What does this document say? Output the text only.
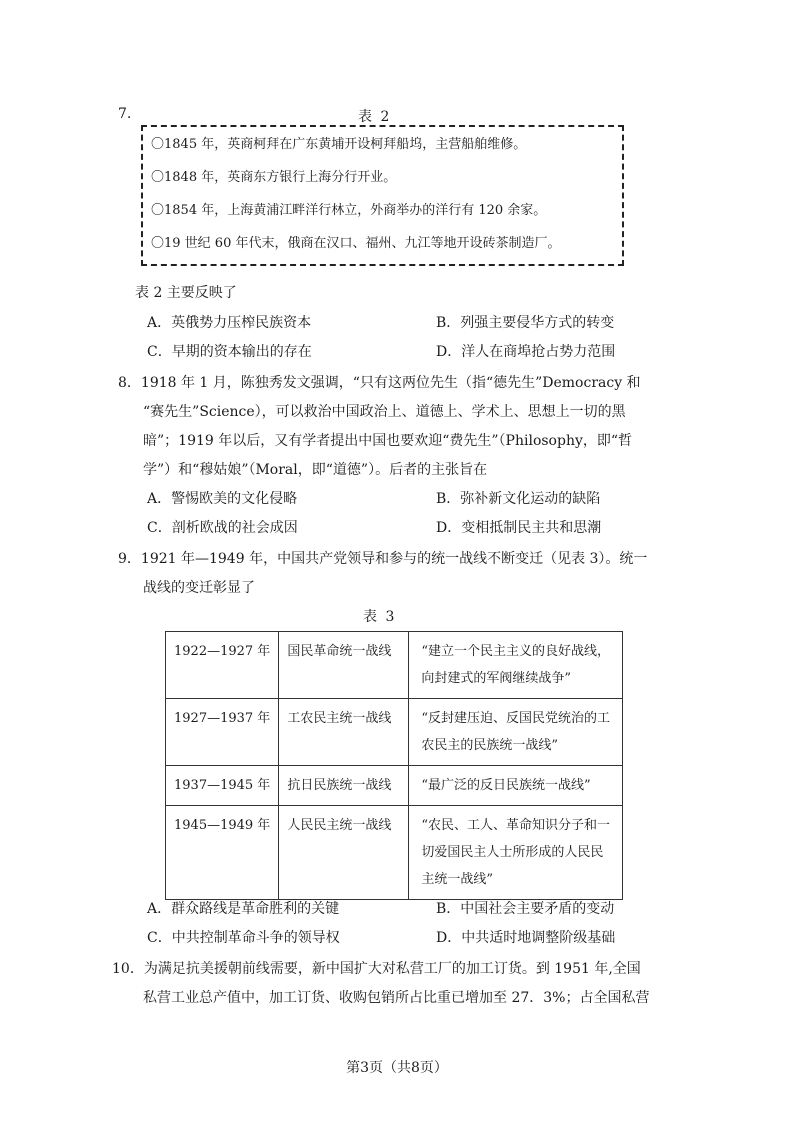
7.	表 2
〇1845 年，英商柯拜在广东黄埔开设柯拜船坞，主营船舶维修。
〇1848 年，英商东方银行上海分行开业。
〇1854 年，上海黄浦江畔洋行林立，外商举办的洋行有 120 余家。
〇19 世纪 60 年代末，俄商在汉口、福州、九江等地开设砖茶制造厂。
表 2 主要反映了
A．英俄势力压榨民族资本	B．列强主要侵华方式的转变
C．早期的资本输出的存在	D．洋人在商埠抢占势力范围
8．1918 年 1 月，陈独秀发文强调，“只有这两位先生（指“德先生”Democracy 和
“赛先生”Science），可以救治中国政治上、道德上、学术上、思想上一切的黑
暗”；1919 年以后，又有学者提出中国也要欢迎“费先生”（Philosophy，即“哲
学”）和“穆姑娘”（Moral，即“道德”）。后者的主张旨在
A．警惕欧美的文化侵略	B．弥补新文化运动的缺陷
C．剖析欧战的社会成因	D．变相抵制民主共和思潮
9．1921 年—1949 年，中国共产党领导和参与的统一战线不断变迁（见表 3）。统一
战线的变迁彰显了
表 3
1922—1927 年	国民革命统一战线	“建立一个民主主义的良好战线，向封建式的军阀继续战争”
1927—1937 年	工农民主统一战线	“反封建压迫、反国民党统治的工农民主的民族统一战线”
1937—1945 年	抗日民族统一战线	“最广泛的反日民族统一战线”
1945—1949 年	人民民主统一战线	“农民、工人、革命知识分子和一切爱国民主人士所形成的人民民主统一战线”
A．群众路线是革命胜利的关键	B．中国社会主要矛盾的变动
C．中共控制革命斗争的领导权	D．中共适时地调整阶级基础
10．为满足抗美援朝前线需要，新中国扩大对私营工厂的加工订货。到 1951 年,全国
私营工业总产值中，加工订货、收购包销所占比重已增加至 27．3%；占全国私营
第3页（共8页）
